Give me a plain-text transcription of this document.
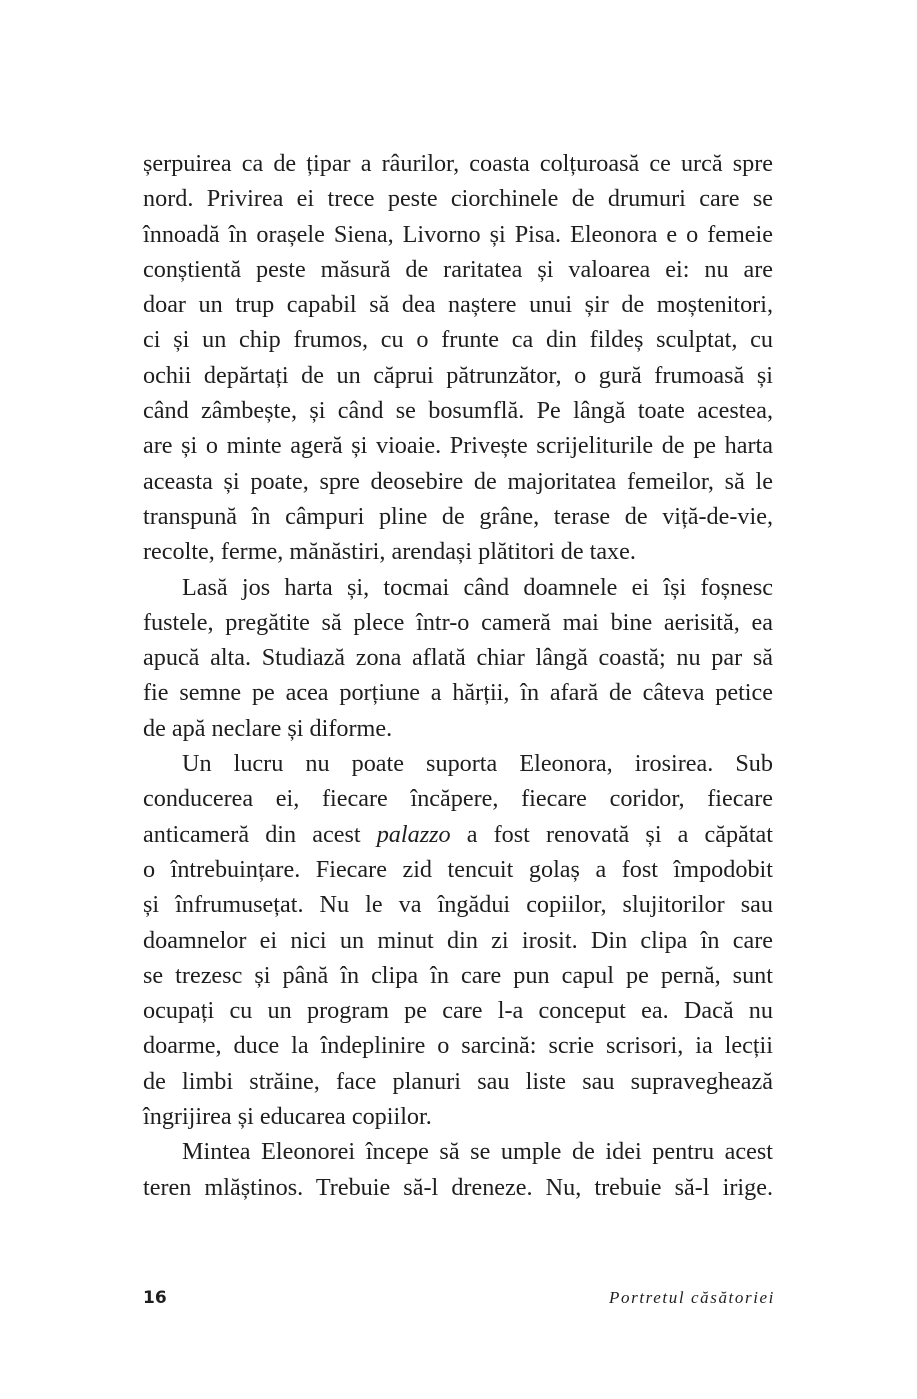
șerpuirea ca de țipar a râurilor, coasta colțuroasă ce urcă spre
nord. Privirea ei trece peste ciorchinele de drumuri care se
înnoadă în orașele Siena, Livorno și Pisa. Eleonora e o femeie
conștientă peste măsură de raritatea și valoarea ei: nu are
doar un trup capabil să dea naștere unui șir de moștenitori,
ci și un chip frumos, cu o frunte ca din fildeș sculptat, cu
ochii depărtați de un căprui pătrunzător, o gură frumoasă și
când zâmbește, și când se bosumflă. Pe lângă toate acestea,
are și o minte ageră și vioaie. Privește scrijeliturile de pe harta
aceasta și poate, spre deosebire de majoritatea femeilor, să le
transpună în câmpuri pline de grâne, terase de viță-de-vie,
recolte, ferme, mănăstiri, arendași plătitori de taxe.
Lasă jos harta și, tocmai când doamnele ei își foșnesc
fustele, pregătite să plece într-o cameră mai bine aerisită, ea
apucă alta. Studiază zona aflată chiar lângă coastă; nu par să
fie semne pe acea porțiune a hărții, în afară de câteva petice
de apă neclare și diforme.
Un lucru nu poate suporta Eleonora, irosirea. Sub
conducerea ei, fiecare încăpere, fiecare coridor, fiecare
anticameră din acest palazzo a fost renovată și a căpătat
o întrebuințare. Fiecare zid tencuit golaș a fost împodobit
și înfrumusețat. Nu le va îngădui copiilor, slujitorilor sau
doamnelor ei nici un minut din zi irosit. Din clipa în care
se trezesc și până în clipa în care pun capul pe pernă, sunt
ocupați cu un program pe care l-a conceput ea. Dacă nu
doarme, duce la îndeplinire o sarcină: scrie scrisori, ia lecții
de limbi străine, face planuri sau liste sau supraveghează
îngrijirea și educarea copiilor.
Mintea Eleonorei începe să se umple de idei pentru acest
teren mlăștinos. Trebuie să-l dreneze. Nu, trebuie să-l irige.
16	Portretul căsătoriei
